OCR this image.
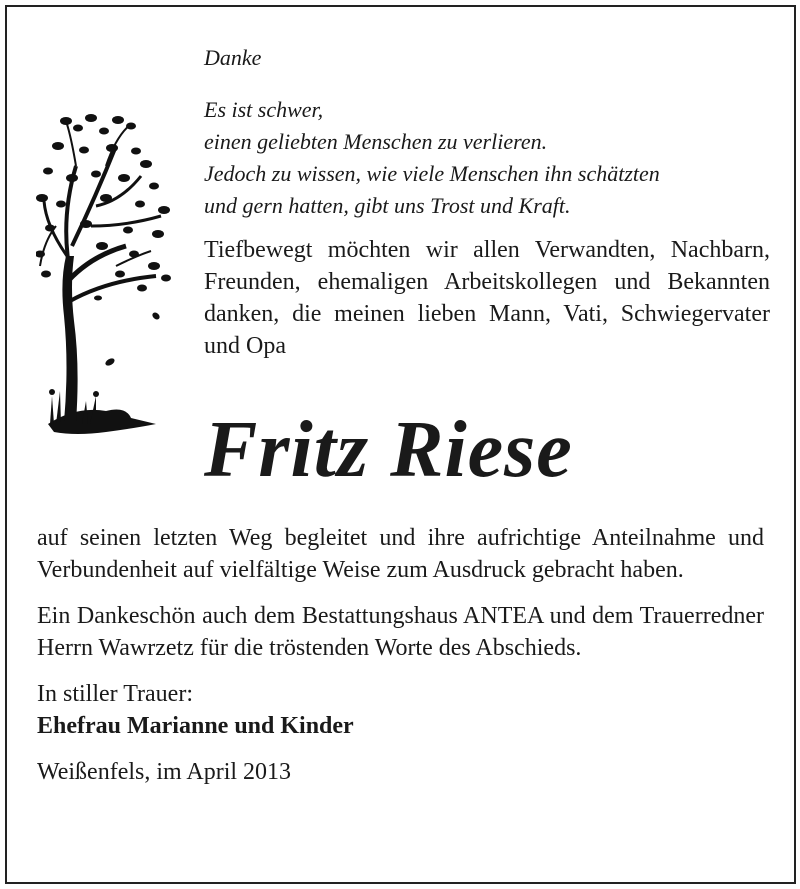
Danke
Es ist schwer,
einen geliebten Menschen zu verlieren.
Jedoch zu wissen, wie viele Menschen ihn schätzten
und gern hatten, gibt uns Trost und Kraft.
Tiefbewegt möchten wir allen Verwandten, Nachbarn, Freunden, ehemaligen Arbeitskollegen und Bekannten danken, die meinen lieben Mann, Vati, Schwiegervater und Opa
Fritz Riese

auf seinen letzten Weg begleitet und ihre aufrichtige Anteilnahme und Verbundenheit auf vielfältige Weise zum Ausdruck gebracht haben.

Ein Dankeschön auch dem Bestattungshaus ANTEA und dem Trauerredner Herrn Wawrzetz für die tröstenden Worte des Abschieds.

In stiller Trauer:
Ehefrau Marianne und Kinder
Weißenfels, im April 2013
